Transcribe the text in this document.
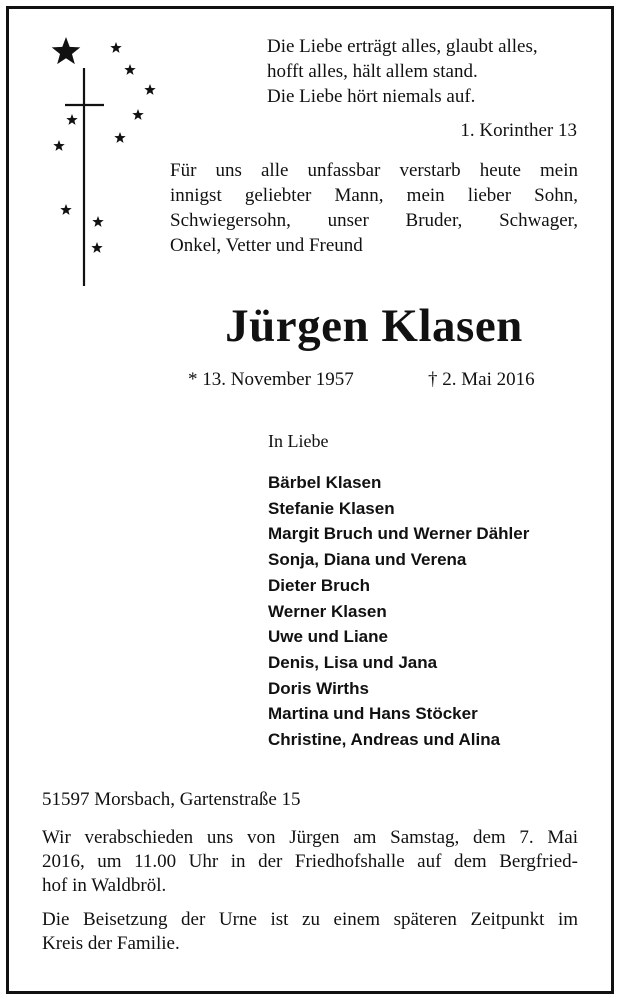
Die Liebe erträgt alles, glaubt alles,
hofft alles, hält allem stand.
Die Liebe hört niemals auf.
1. Korinther 13
Für uns alle unfassbar verstarb heute mein
innigst geliebter Mann, mein lieber Sohn,
Schwiegersohn, unser Bruder, Schwager,
Onkel, Vetter und Freund
Jürgen Klasen
* 13. November 1957	† 2. Mai 2016
In Liebe
Bärbel Klasen
Stefanie Klasen
Margit Bruch und Werner Dähler
Sonja, Diana und Verena
Dieter Bruch
Werner Klasen
Uwe und Liane
Denis, Lisa und Jana
Doris Wirths
Martina und Hans Stöcker
Christine, Andreas und Alina
51597 Morsbach, Gartenstraße 15
Wir verabschieden uns von Jürgen am Samstag, dem 7. Mai
2016, um 11.00 Uhr in der Friedhofshalle auf dem Bergfried-
hof in Waldbröl.
Die Beisetzung der Urne ist zu einem späteren Zeitpunkt im
Kreis der Familie.
